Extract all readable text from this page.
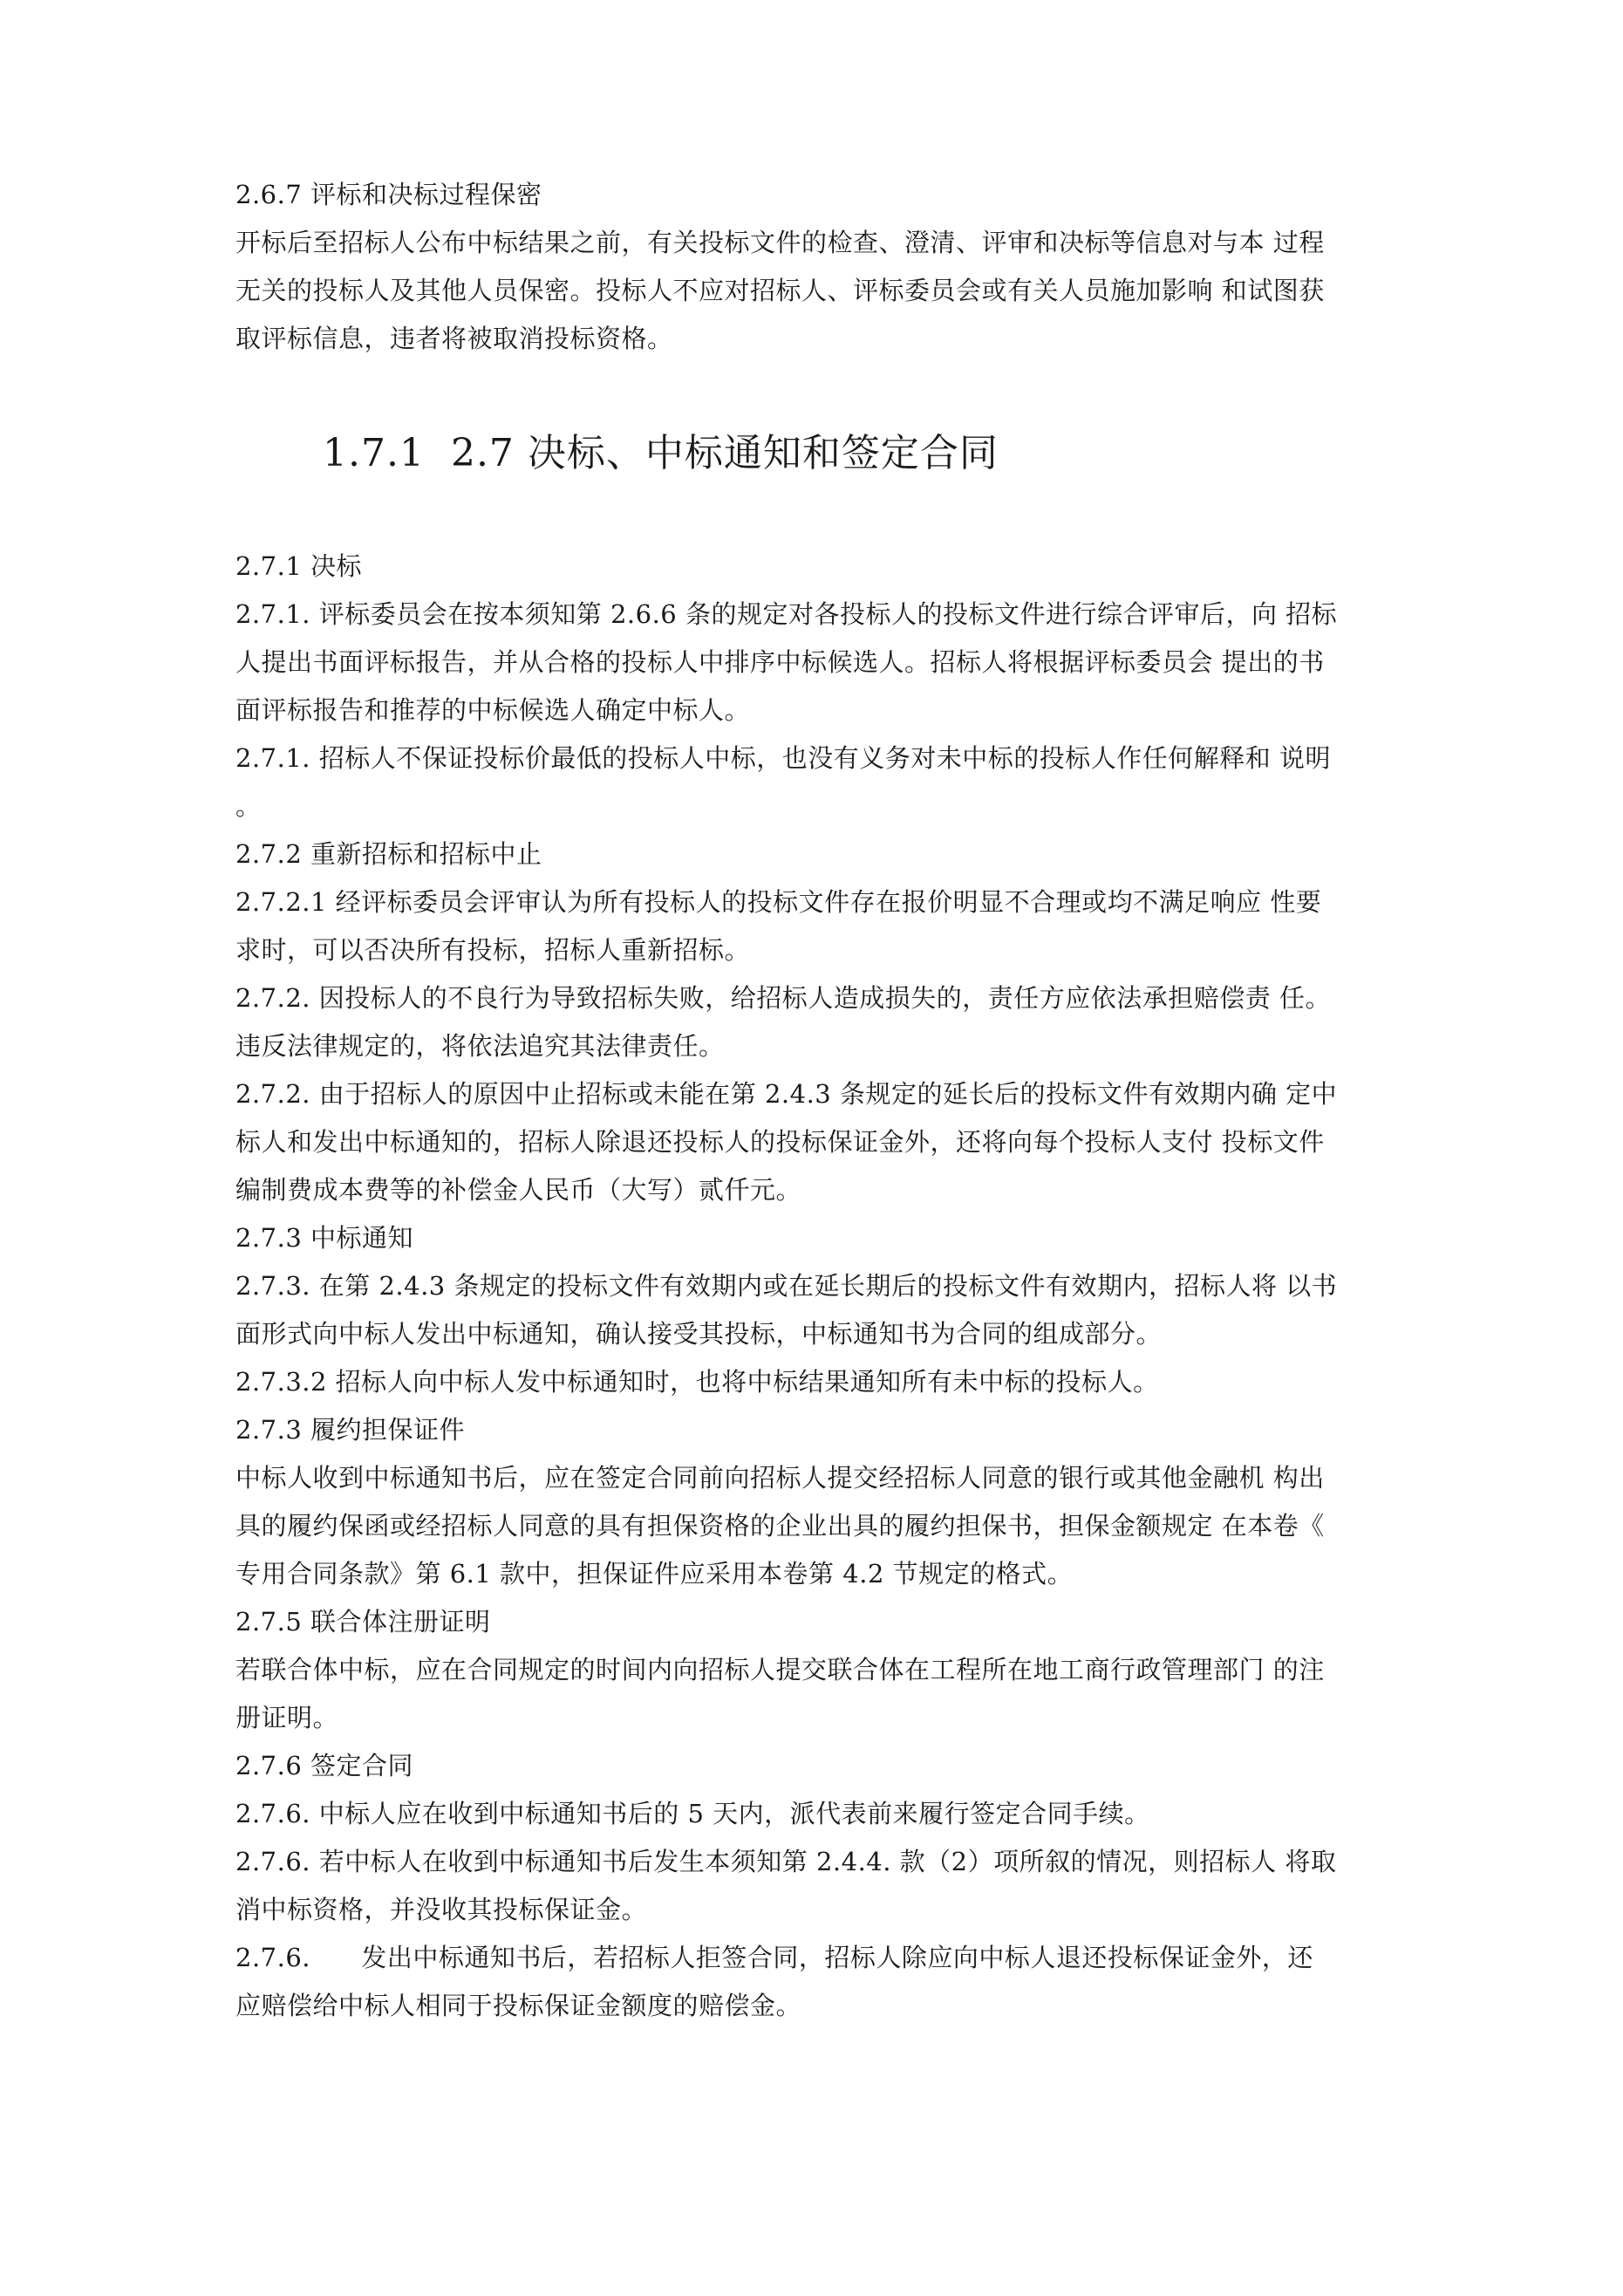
2.6.7 评标和决标过程保密

开标后至招标人公布中标结果之前，有关投标文件的检查、澄清、评审和决标等信息对与本 过程

无关的投标人及其他人员保密。投标人不应对招标人、评标委员会或有关人员施加影响 和试图获

取评标信息，违者将被取消投标资格。

1.7.1 2.7 决标、中标通知和签定合同

2.7.1 决标

2.7.1. 评标委员会在按本须知第 2.6.6 条的规定对各投标人的投标文件进行综合评审后，向 招标

人提出书面评标报告，并从合格的投标人中排序中标候选人。招标人将根据评标委员会 提出的书

面评标报告和推荐的中标候选人确定中标人。

2.7.1. 招标人不保证投标价最低的投标人中标，也没有义务对未中标的投标人作任何解释和 说明

。

2.7.2 重新招标和招标中止

2.7.2.1 经评标委员会评审认为所有投标人的投标文件存在报价明显不合理或均不满足响应 性要

求时，可以否决所有投标，招标人重新招标。

2.7.2. 因投标人的不良行为导致招标失败，给招标人造成损失的，责任方应依法承担赔偿责 任。

违反法律规定的，将依法追究其法律责任。

2.7.2. 由于招标人的原因中止招标或未能在第 2.4.3 条规定的延长后的投标文件有效期内确 定中

标人和发出中标通知的，招标人除退还投标人的投标保证金外，还将向每个投标人支付 投标文件

编制费成本费等的补偿金人民币（大写）贰仟元。

2.7.3 中标通知

2.7.3. 在第 2.4.3 条规定的投标文件有效期内或在延长期后的投标文件有效期内，招标人将 以书

面形式向中标人发出中标通知，确认接受其投标，中标通知书为合同的组成部分。

2.7.3.2 招标人向中标人发中标通知时，也将中标结果通知所有未中标的投标人。

2.7.3 履约担保证件

中标人收到中标通知书后，应在签定合同前向招标人提交经招标人同意的银行或其他金融机 构出

具的履约保函或经招标人同意的具有担保资格的企业出具的履约担保书，担保金额规定 在本卷《

专用合同条款》第 6.1 款中，担保证件应采用本卷第 4.2 节规定的格式。

2.7.5 联合体注册证明

若联合体中标，应在合同规定的时间内向招标人提交联合体在工程所在地工商行政管理部门 的注

册证明。

2.7.6 签定合同

2.7.6. 中标人应在收到中标通知书后的 5 天内，派代表前来履行签定合同手续。

2.7.6. 若中标人在收到中标通知书后发生本须知第 2.4.4. 款（2）项所叙的情况，则招标人 将取

消中标资格，并没收其投标保证金。

2.7.6.      发出中标通知书后，若招标人拒签合同，招标人除应向中标人退还投标保证金外，还

应赔偿给中标人相同于投标保证金额度的赔偿金。
